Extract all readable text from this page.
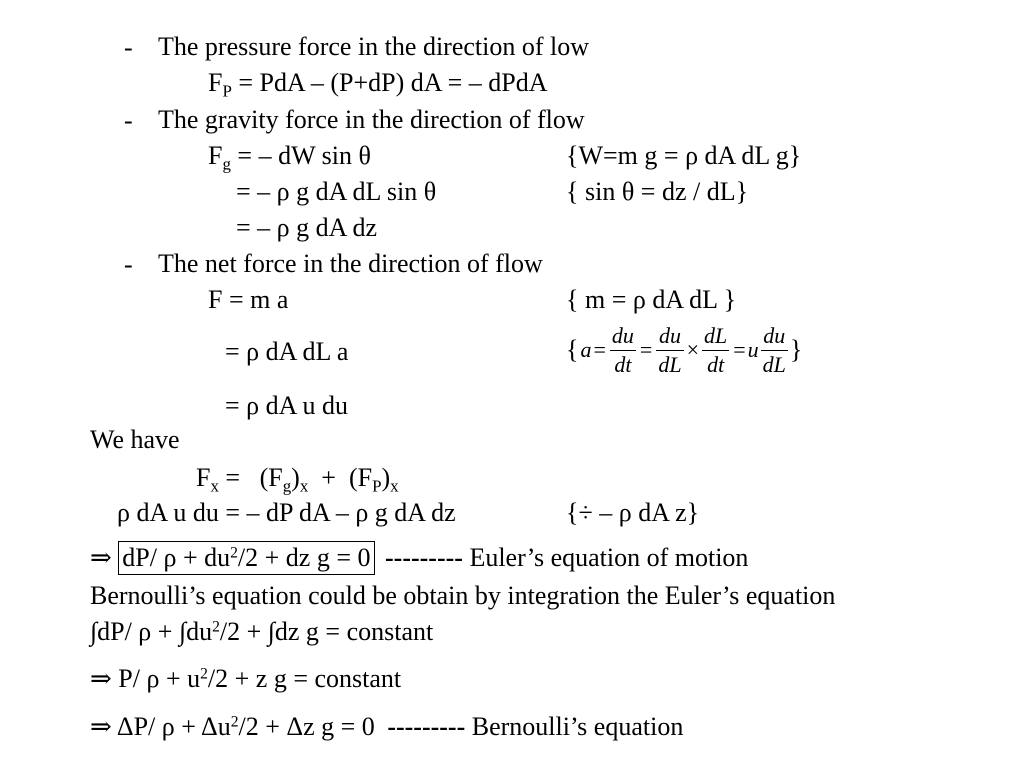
- The pressure force in the direction of low
$F_P$ = PdA – (P+dP) dA = – dPdA
- The gravity force in the direction of flow
$F_g$ = – dW sin θ	{W=m g = ρ dA dL g}
= – ρ g dA dL sin θ	{ sin θ = dz / dL}
= – ρ g dA dz
- The net force in the direction of flow
F = m a	{ m = ρ dA dL }
= ρ dA dL a	{ $a = \frac{du}{dt} = \frac{du}{dL} \times \frac{dL}{dt} = u \frac{du}{dL}$ }
= ρ dA u du
We have
$F_x = (F_g)_x + (F_P)_x$
ρ dA u du = – dP dA – ρ g dA dz	{÷ – ρ dA z}
⇒ dP/ $\rho + du^2/2$ + dz g = 0 --------- Euler’s equation of motion
Bernoulli’s equation could be obtain by integration the Euler’s equation
∫dP/ $\rho + \int du^2/2 + \int dz$ g = constant
⇒ P/ $\rho + u^2/2 + z$ g = constant
⇒ ΔP/ $\rho + \Delta u^2/2 + \Delta z$ g = 0 --------- Bernoulli’s equation
